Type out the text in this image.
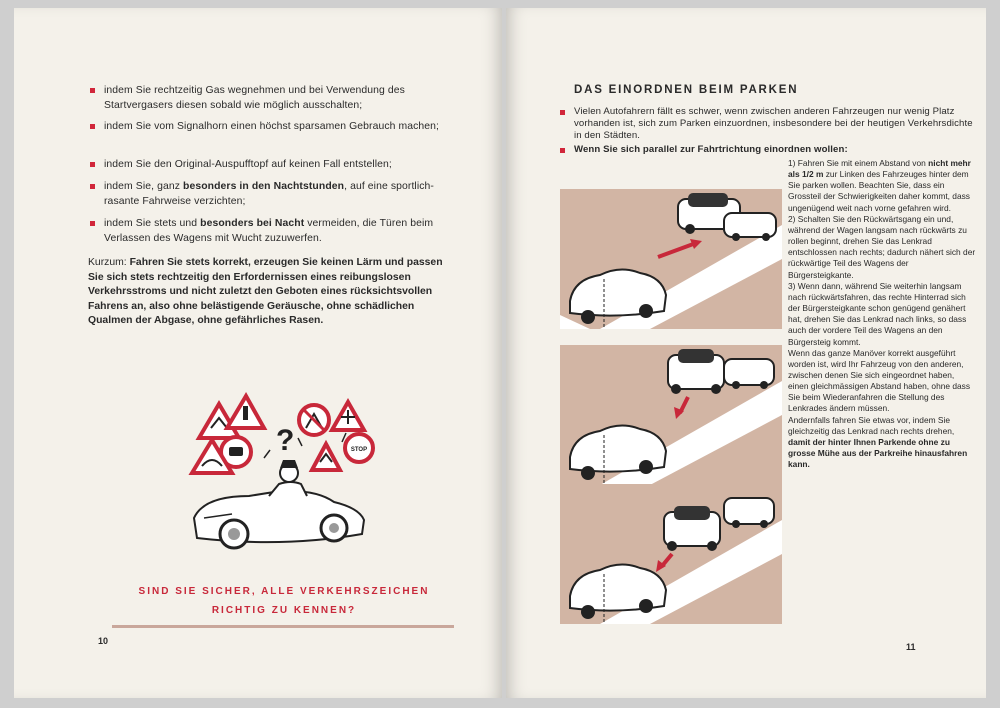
indem Sie rechtzeitig Gas wegnehmen und bei Verwendung des Startvergasers diesen sobald wie möglich ausschalten;
indem Sie vom Signalhorn einen höchst sparsamen Gebrauch machen;
indem Sie den Original-Auspufftopf auf keinen Fall entstellen;
indem Sie, ganz besonders in den Nachtstunden, auf eine sportlich-rasante Fahrweise verzichten;
indem Sie stets und besonders bei Nacht vermeiden, die Türen beim Verlassen des Wagens mit Wucht zuzuwerfen.
Kurzum: Fahren Sie stets korrekt, erzeugen Sie keinen Lärm und passen Sie sich stets rechtzeitig den Erfordernissen eines reibungslosen Verkehrsstroms und nicht zuletzt den Geboten eines rücksichtsvollen Fahrens an, also ohne belästigende Geräusche, ohne schädlichen Qualmen der Abgase, ohne gefährliches Rasen.
?	STOP
SIND SIE SICHER, ALLE VERKEHRSZEICHEN
RICHTIG ZU KENNEN?
10
DAS EINORDNEN BEIM PARKEN
Vielen Autofahrern fällt es schwer, wenn zwischen anderen Fahrzeugen nur wenig Platz vorhanden ist, sich zum Parken einzuordnen, insbesondere bei der heutigen Verkehrsdichte in den Städten.
Wenn Sie sich parallel zur Fahrtrichtung einordnen wollen:
1) Fahren Sie mit einem Abstand von nicht mehr als 1/2 m zur Linken des Fahrzeuges hinter dem Sie parken wollen. Beachten Sie, dass ein Grossteil der Schwierigkeiten daher kommt, dass ungenügend weit nach vorne gefahren wird.
2) Schalten Sie den Rückwärtsgang ein und, während der Wagen langsam nach rückwärts zu rollen beginnt, drehen Sie das Lenkrad entschlossen nach rechts; dadurch nähert sich der rückwärtige Teil des Wagens der Bürgersteigkante.
3) Wenn dann, während Sie weiterhin langsam nach rückwärtsfahren, das rechte Hinterrad sich der Bürgersteigkante schon genügend genähert hat, drehen Sie das Lenkrad nach links, so dass auch der vordere Teil des Wagens an den Bürgersteig kommt.
Wenn das ganze Manöver korrekt ausgeführt worden ist, wird Ihr Fahrzeug von den anderen, zwischen denen Sie sich eingeordnet haben, einen gleichmässigen Abstand haben, ohne dass Sie beim Wiederanfahren die Stellung des Lenkrades ändern müssen.
Andernfalls fahren Sie etwas vor, indem Sie gleichzeitig das Lenkrad nach rechts drehen, damit der hinter Ihnen Parkende ohne zu grosse Mühe aus der Parkreihe hinausfahren kann.
11
